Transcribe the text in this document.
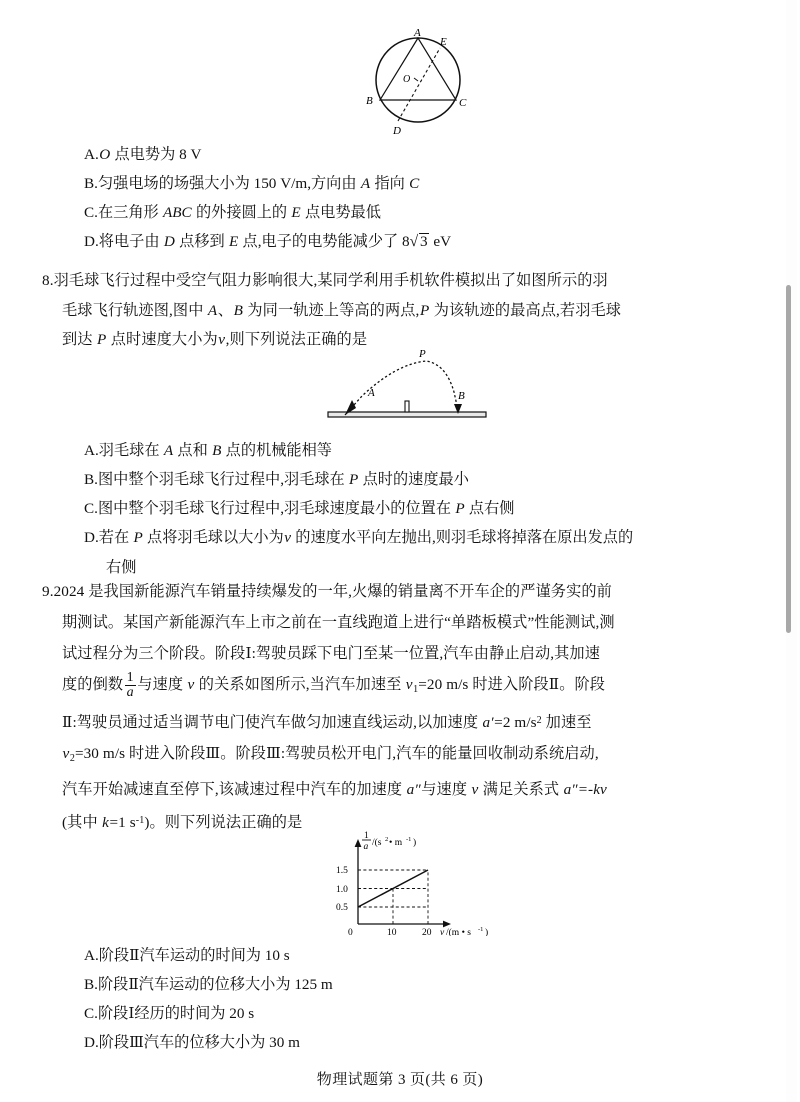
A
E
B	C
D
O
A.O 点电势为 8 V
B.匀强电场的场强大小为 150 V/m,方向由 A 指向 C
C.在三角形 ABC 的外接圆上的 E 点电势最低
D.将电子由 D 点移到 E 点,电子的电势能减少了 8 √ 3 eV
8.羽毛球飞行过程中受空气阻力影响很大,某同学利用手机软件模拟出了如图所示的羽
毛球飞行轨迹图,图中 A、B 为同一轨迹上等高的两点,P 为该轨迹的最高点,若羽毛球
到达 P 点时速度大小为v,则下列说法正确的是
P
A	B
A.羽毛球在 A 点和 B 点的机械能相等
B.图中整个羽毛球飞行过程中,羽毛球在 P 点时的速度最小
C.图中整个羽毛球飞行过程中,羽毛球速度最小的位置在 P 点右侧
D.若在 P 点将羽毛球以大小为v 的速度水平向左抛出,则羽毛球将掉落在原出发点的
右侧
9.2024 是我国新能源汽车销量持续爆发的一年,火爆的销量离不开车企的严谨务实的前
期测试。某国产新能源汽车上市之前在一直线跑道上进行“单踏板模式”性能测试,测
试过程分为三个阶段。阶段Ⅰ:驾驶员踩下电门至某一位置,汽车由静止启动,其加速
度的倒数 $\frac{1}{a}$ 与速度 v 的关系如图所示,当汽车加速至 $v_1=20$ m/s 时进入阶段Ⅱ。阶段
Ⅱ:驾驶员通过适当调节电门使汽车做匀加速直线运动,以加速度 a′=2 $m/s^2$ 加速至
$v_2=30$ m/s 时进入阶段Ⅲ。阶段Ⅲ:驾驶员松开电门,汽车的能量回收制动系统启动,
汽车开始减速直至停下,该减速过程中汽车的加速度 a″与速度 v 满足关系式 a″=-kv
(其中 k=1 $s^{-1}$)。则下列说法正确的是
1
a /(s 2 • m -1 )
0.5
1.0
1.5
0	10	20 v /(m • s -1 )
A.阶段Ⅱ汽车运动的时间为 10 s
B.阶段Ⅱ汽车运动的位移大小为 125 m
C.阶段Ⅰ经历的时间为 20 s
D.阶段Ⅲ汽车的位移大小为 30 m
物理试题第 3 页(共 6 页)
